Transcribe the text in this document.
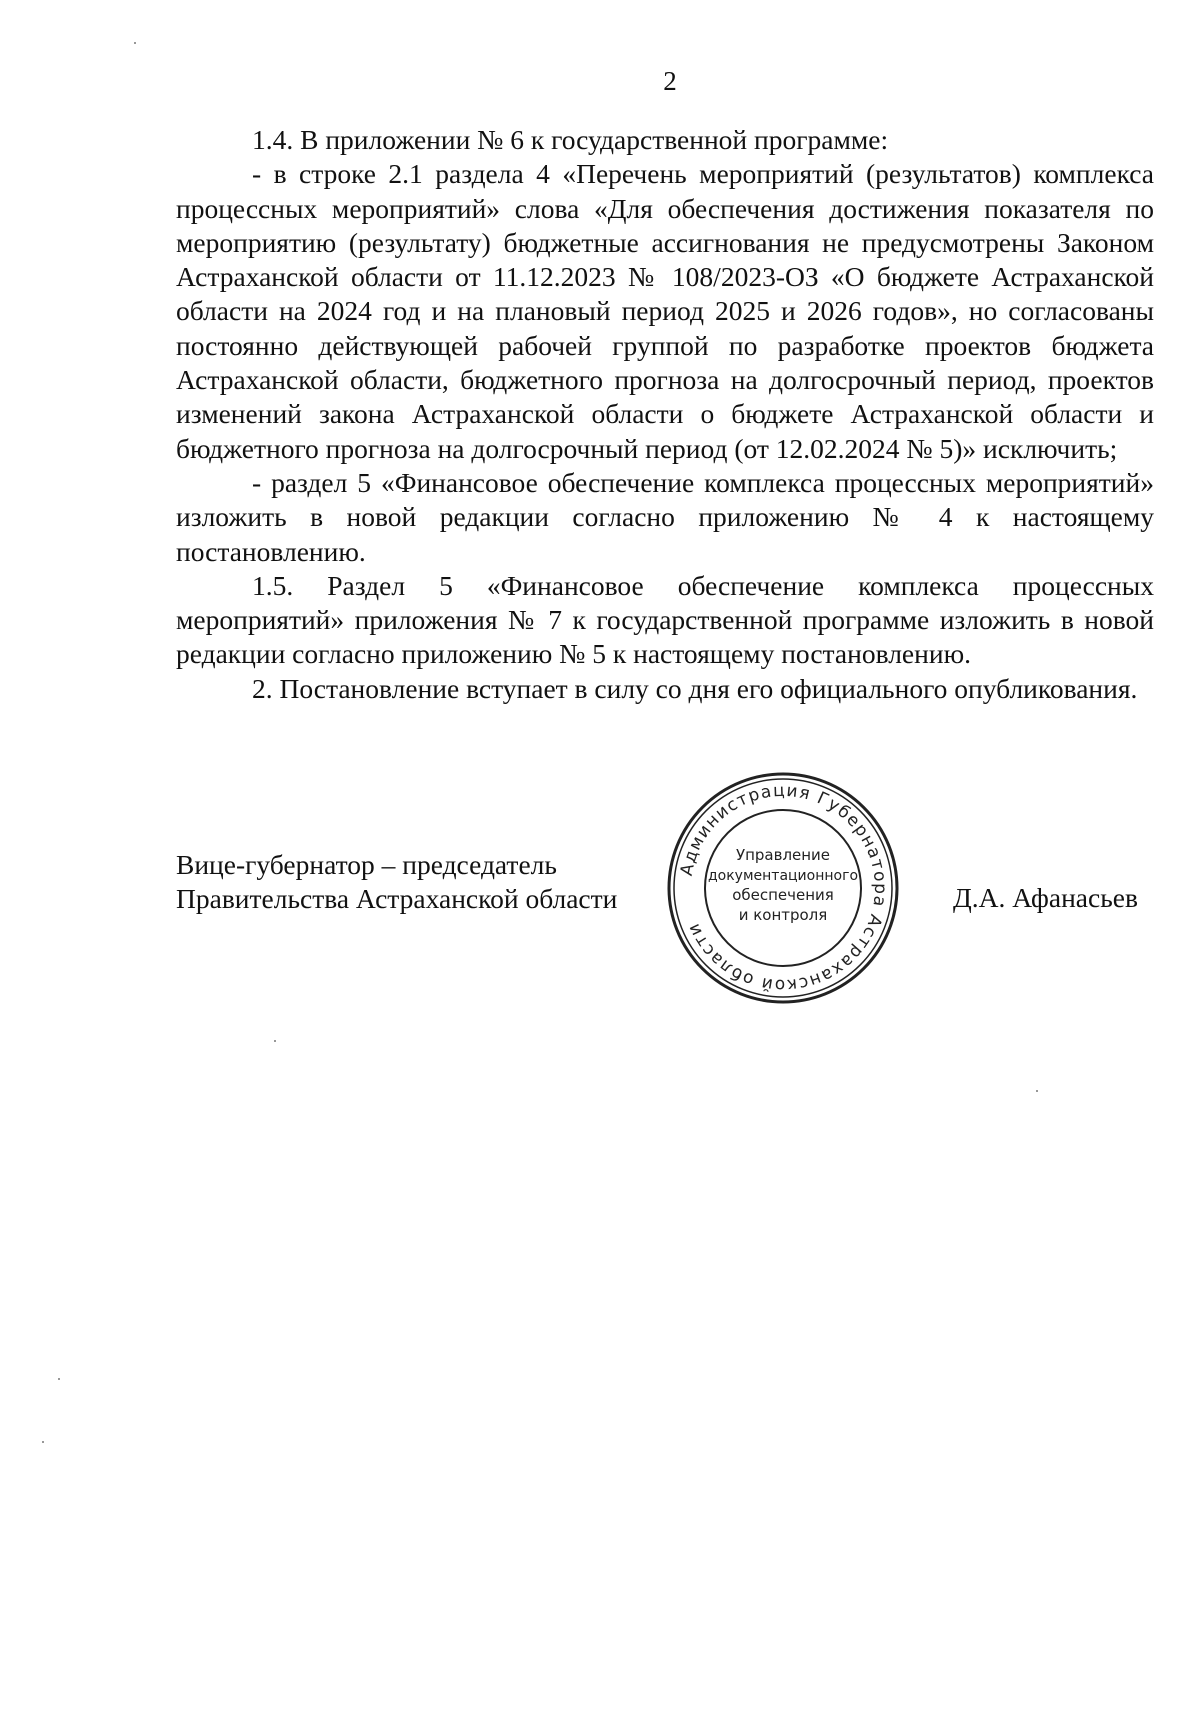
2

1.4. В приложении № 6 к государственной программе:

- в строке 2.1 раздела 4 «Перечень мероприятий (результатов) комплекса процессных мероприятий» слова «Для обеспечения достижения показателя по мероприятию (результату) бюджетные ассигнования не предусмотрены Законом Астраханской области от 11.12.2023 № 108/2023-ОЗ «О бюджете Астраханской области на 2024 год и на плановый период 2025 и 2026 годов», но согласованы постоянно действующей рабочей группой по разработке проектов бюджета Астраханской области, бюджетного прогноза на долгосрочный период, проектов изменений закона Астраханской области о бюджете Астраханской области и бюджетного прогноза на долгосрочный период (от 12.02.2024 № 5)» исключить;

- раздел 5 «Финансовое обеспечение комплекса процессных мероприятий» изложить в новой редакции согласно приложению № 4 к настоящему постановлению.

1.5. Раздел 5 «Финансовое обеспечение комплекса процессных мероприятий» приложения № 7 к государственной программе изложить в новой редакции согласно приложению № 5 к настоящему постановлению.

2. Постановление вступает в силу со дня его официального опубликования.

Вице-губернатор – председатель
Правительства Астраханской области
Администрация Губернатора Астраханской области
Управление
документационного
обеспечения
и контроля
Д.А. Афанасьев
